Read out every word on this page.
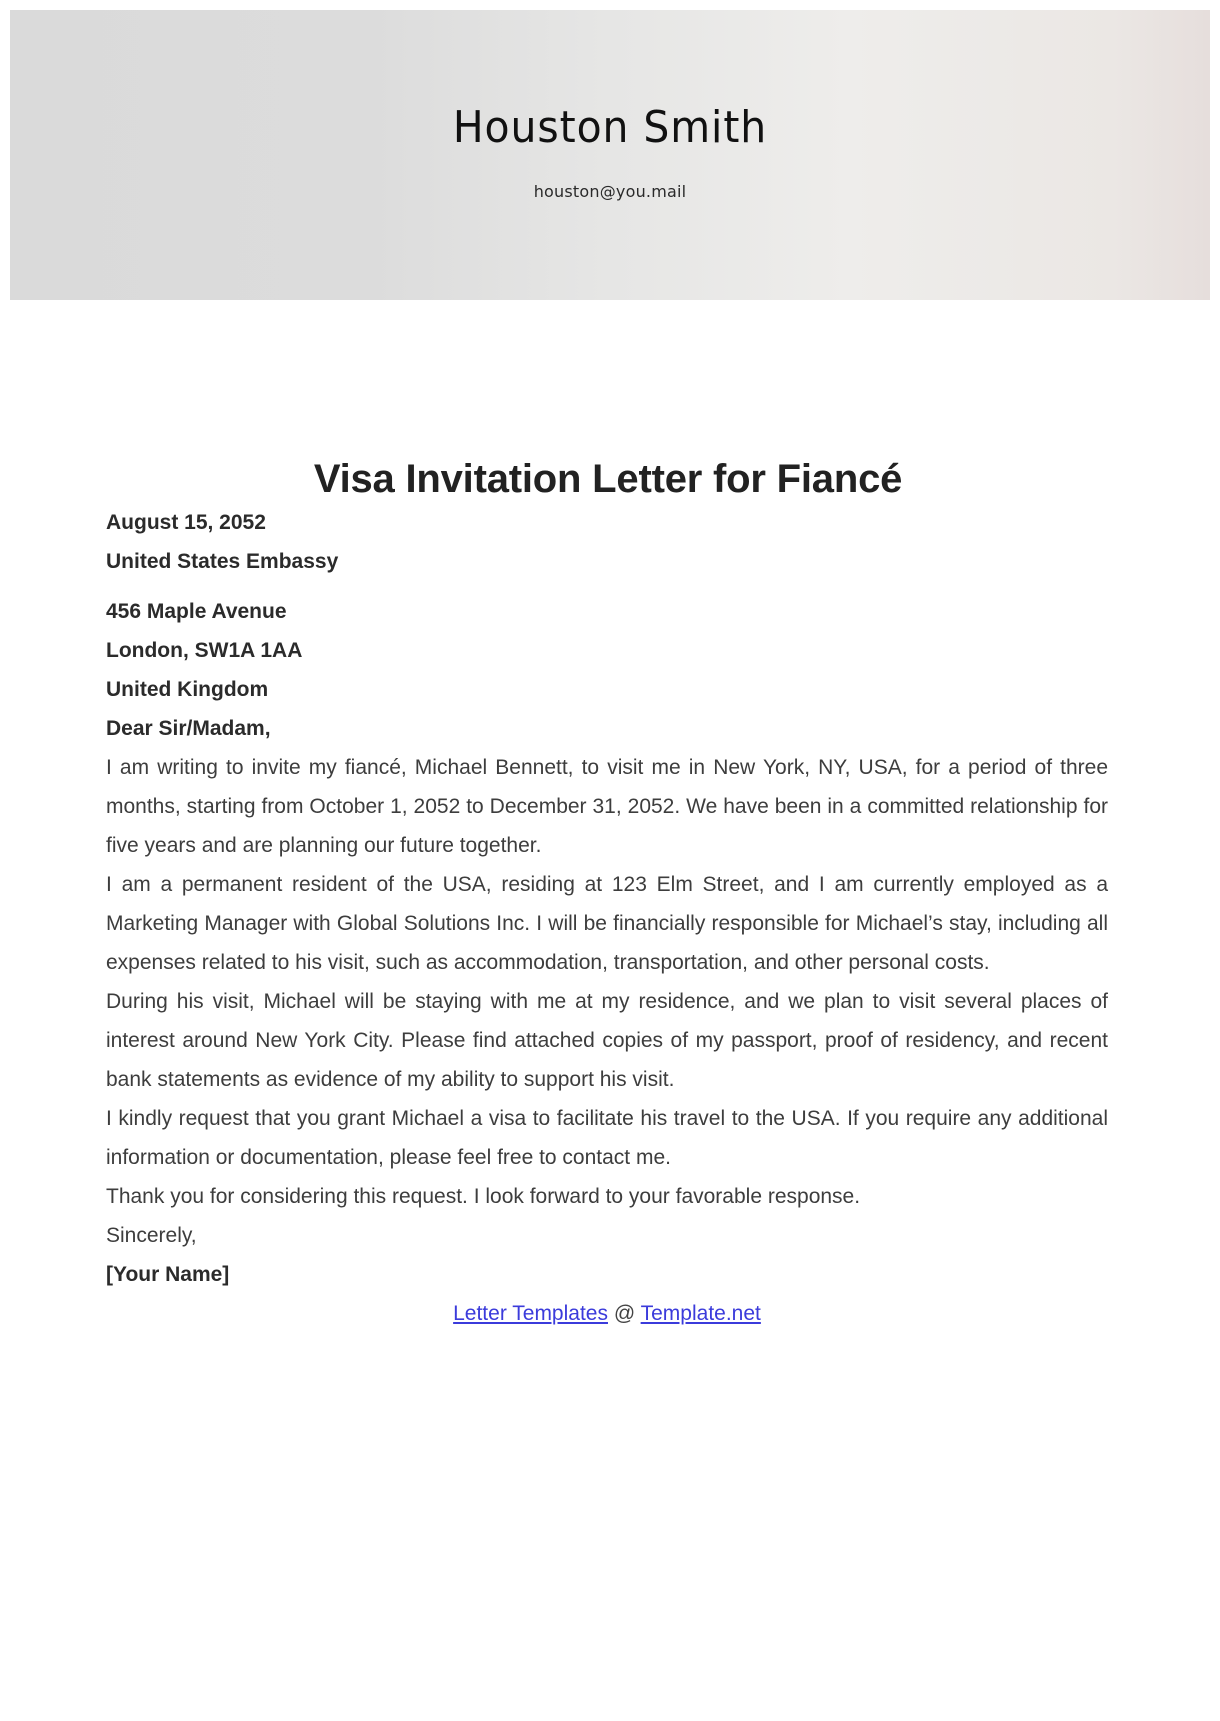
Houston Smith
houston@you.mail
Visa Invitation Letter for Fiancé

August 15, 2052

United States Embassy

456 Maple Avenue

London, SW1A 1AA

United Kingdom

Dear Sir/Madam,

I am writing to invite my fiancé, Michael Bennett, to visit me in New York, NY, USA, for a period of three months, starting from October 1, 2052 to December 31, 2052. We have been in a committed relationship for five years and are planning our future together.

I am a permanent resident of the USA, residing at 123 Elm Street, and I am currently employed as a Marketing Manager with Global Solutions Inc. I will be financially responsible for Michael’s stay, including all expenses related to his visit, such as accommodation, transportation, and other personal costs.

During his visit, Michael will be staying with me at my residence, and we plan to visit several places of interest around New York City. Please find attached copies of my passport, proof of residency, and recent bank statements as evidence of my ability to support his visit.

I kindly request that you grant Michael a visa to facilitate his travel to the USA. If you require any additional information or documentation, please feel free to contact me.

Thank you for considering this request. I look forward to your favorable response.

Sincerely,

[Your Name]

Letter Templates @ Template.net
